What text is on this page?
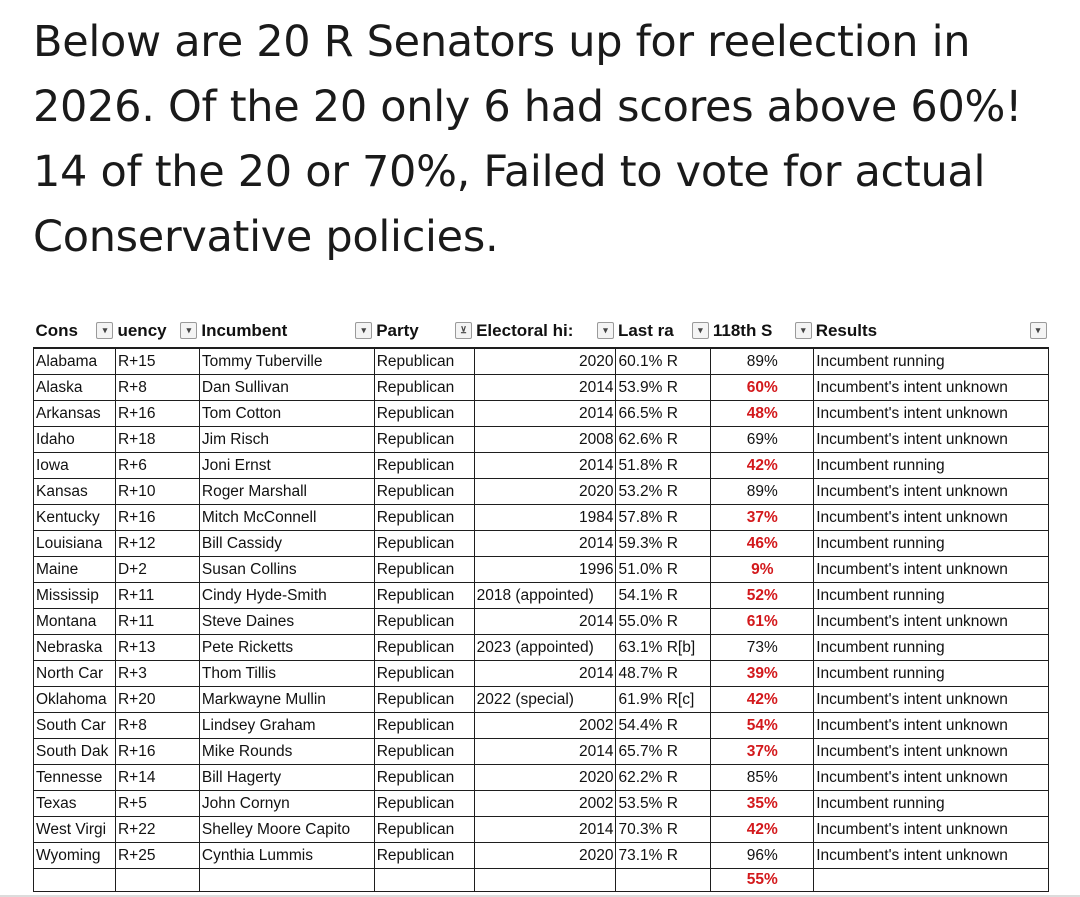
Below are 20 R Senators up for reelection in 2026. Of the 20 only 6 had scores above 60%! 14 of the 20 or 70%, Failed to vote for actual Conservative policies.
Cons ▾	uency ▾	Incumbent ▾	Party ⊻	Electoral hi: ▾	Last ra ▾	118th S ▾	Results ▾

Alabama	R+15	Tommy Tuberville	Republican	2020	60.1% R	89%	Incumbent running
Alaska	R+8	Dan Sullivan	Republican	2014	53.9% R	60%	Incumbent's intent unknown
Arkansas	R+16	Tom Cotton	Republican	2014	66.5% R	48%	Incumbent's intent unknown
Idaho	R+18	Jim Risch	Republican	2008	62.6% R	69%	Incumbent's intent unknown
Iowa	R+6	Joni Ernst	Republican	2014	51.8% R	42%	Incumbent running
Kansas	R+10	Roger Marshall	Republican	2020	53.2% R	89%	Incumbent's intent unknown
Kentucky	R+16	Mitch McConnell	Republican	1984	57.8% R	37%	Incumbent's intent unknown
Louisiana	R+12	Bill Cassidy	Republican	2014	59.3% R	46%	Incumbent running
Maine	D+2	Susan Collins	Republican	1996	51.0% R	9%	Incumbent's intent unknown
Mississip	R+11	Cindy Hyde-Smith	Republican	2018 (appointed)	54.1% R	52%	Incumbent running
Montana	R+11	Steve Daines	Republican	2014	55.0% R	61%	Incumbent's intent unknown
Nebraska	R+13	Pete Ricketts	Republican	2023 (appointed)	63.1% R[b]	73%	Incumbent running
North Car	R+3	Thom Tillis	Republican	2014	48.7% R	39%	Incumbent running
Oklahoma	R+20	Markwayne Mullin	Republican	2022 (special)	61.9% R[c]	42%	Incumbent's intent unknown
South Car	R+8	Lindsey Graham	Republican	2002	54.4% R	54%	Incumbent's intent unknown
South Dak	R+16	Mike Rounds	Republican	2014	65.7% R	37%	Incumbent's intent unknown
Tennesse	R+14	Bill Hagerty	Republican	2020	62.2% R	85%	Incumbent's intent unknown
Texas	R+5	John Cornyn	Republican	2002	53.5% R	35%	Incumbent running
West Virgi	R+22	Shelley Moore Capito	Republican	2014	70.3% R	42%	Incumbent's intent unknown
Wyoming	R+25	Cynthia Lummis	Republican	2020	73.1% R	96%	Incumbent's intent unknown
						55%	
